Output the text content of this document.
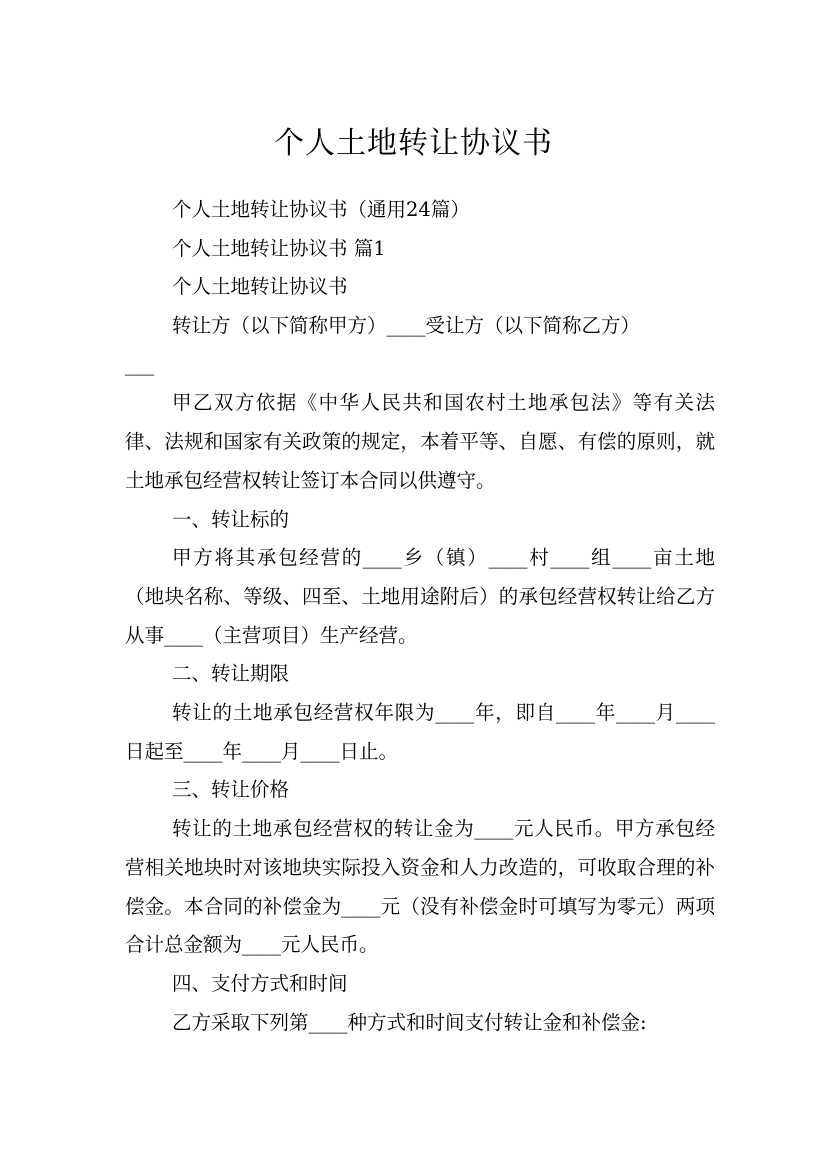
个人土地转让协议书

个人土地转让协议书（通用24篇）

个人土地转让协议书 篇1

个人土地转让协议书

转让方（以下简称甲方）____受让方（以下简称乙方）

___

甲乙双方依据《中华人民共和国农村土地承包法》等有关法律、法规和国家有关政策的规定，本着平等、自愿、有偿的原则，就土地承包经营权转让签订本合同以供遵守。

一、转让标的

甲方将其承包经营的____乡（镇）____村____组____亩土地（地块名称、等级、四至、土地用途附后）的承包经营权转让给乙方从事____（主营项目）生产经营。

二、转让期限

转让的土地承包经营权年限为____年，即自____年____月____日起至____年____月____日止。

三、转让价格

转让的土地承包经营权的转让金为____元人民币。甲方承包经营相关地块时对该地块实际投入资金和人力改造的，可收取合理的补偿金。本合同的补偿金为____元（没有补偿金时可填写为零元）两项合计总金额为____元人民币。

四、支付方式和时间

乙方采取下列第____种方式和时间支付转让金和补偿金:
